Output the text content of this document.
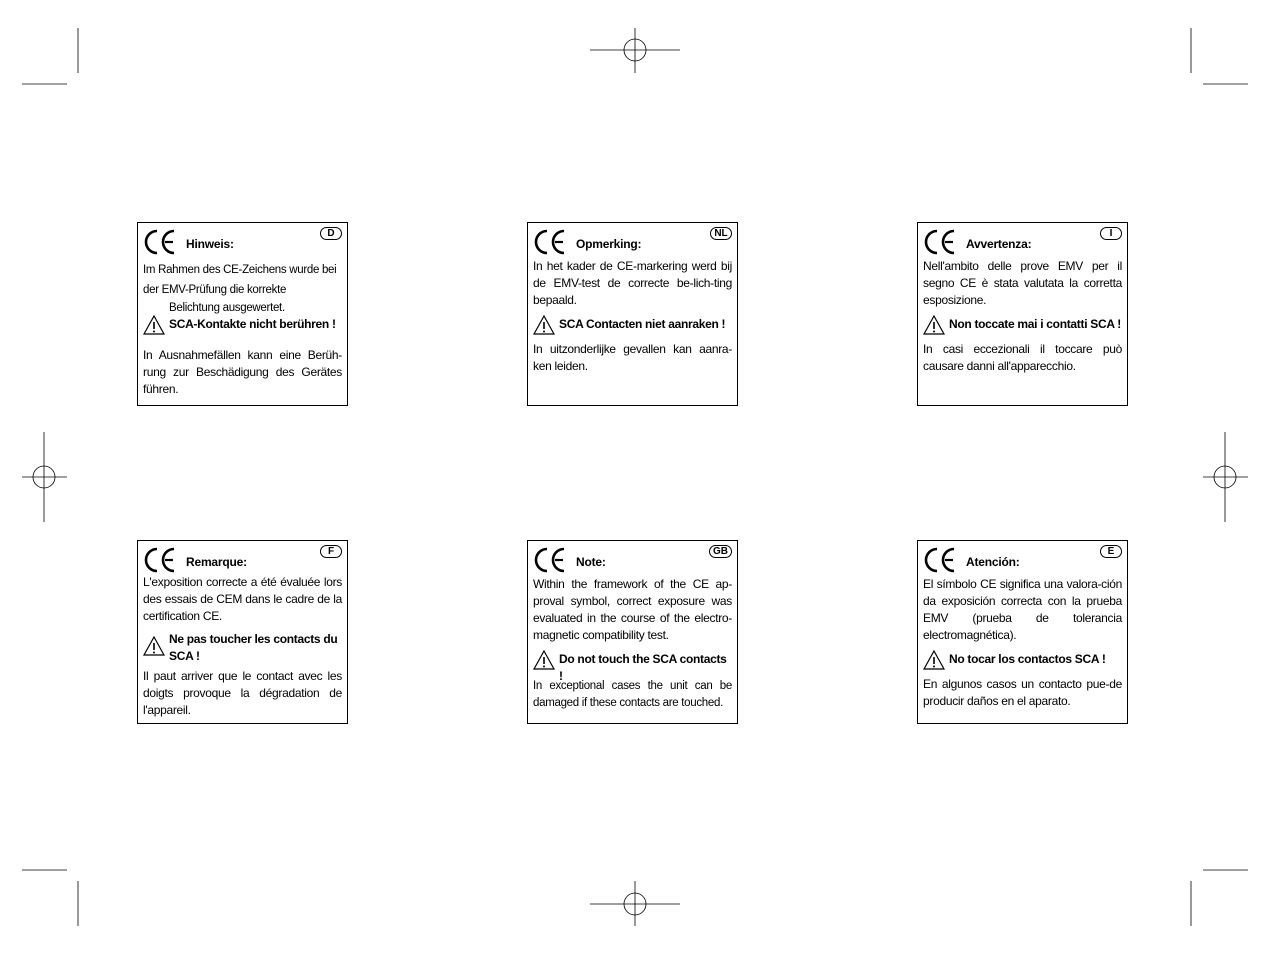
Hinweis:
D
Im Rahmen des CE-Zeichens wurde bei
der EMV-Prüfung die korrekte
Belichtung ausgewertet.
SCA-Kontakte nicht berühren !
In Ausnahmefällen kann eine Berüh-rung zur Beschädigung des Gerätes führen.
Opmerking:
NL
In het kader de CE-markering werd bij de EMV-test de correcte be-lich-ting bepaald.
SCA Contacten niet aanraken !
In uitzonderlijke gevallen kan aanra-ken leiden.
Avvertenza:
I
Nell'ambito delle prove EMV per il segno CE è stata valutata la corretta esposizione.
Non toccate mai i contatti SCA !
In casi eccezionali il toccare può causare danni all'apparecchio.
Remarque:
F
L'exposition correcte a été évaluée lors des essais de CEM dans le cadre de la certification CE.
Ne pas toucher les contacts du SCA !
Il paut arriver que le contact avec les doigts provoque la dégradation de l'appareil.
Note:
GB
Within the framework of the CE ap-proval symbol, correct exposure was evaluated in the course of the electro-magnetic compatibility test.
Do not touch the SCA contacts !
In exceptional cases the unit can be damaged if these contacts are touched.
Atención:
E
El símbolo CE significa una valora-ción da exposición correcta con la prueba EMV (prueba de tolerancia electromagnética).
No tocar los contactos SCA !
En algunos casos un contacto pue-de producir daños en el aparato.
